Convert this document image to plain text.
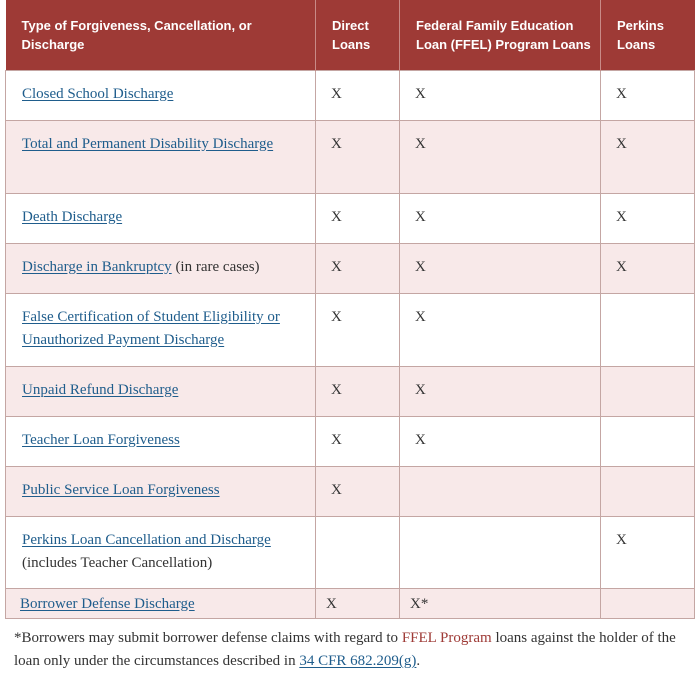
Type of Forgiveness, Cancellation, or Discharge	Direct Loans	Federal Family Education Loan (FFEL) Program Loans	Perkins Loans
Closed School Discharge	X	X	X
Total and Permanent Disability Discharge	X	X	X
Death Discharge	X	X	X
Discharge in Bankruptcy (in rare cases)	X	X	X
False Certification of Student Eligibility or Unauthorized Payment Discharge	X	X	
Unpaid Refund Discharge	X	X	
Teacher Loan Forgiveness	X	X	
Public Service Loan Forgiveness	X		
Perkins Loan Cancellation and Discharge
(includes Teacher Cancellation)			X
Borrower Defense Discharge	X	X*	
*Borrowers may submit borrower defense claims with regard to FFEL Program loans against the holder of the loan only under the circumstances described in 34 CFR 682.209(g).
